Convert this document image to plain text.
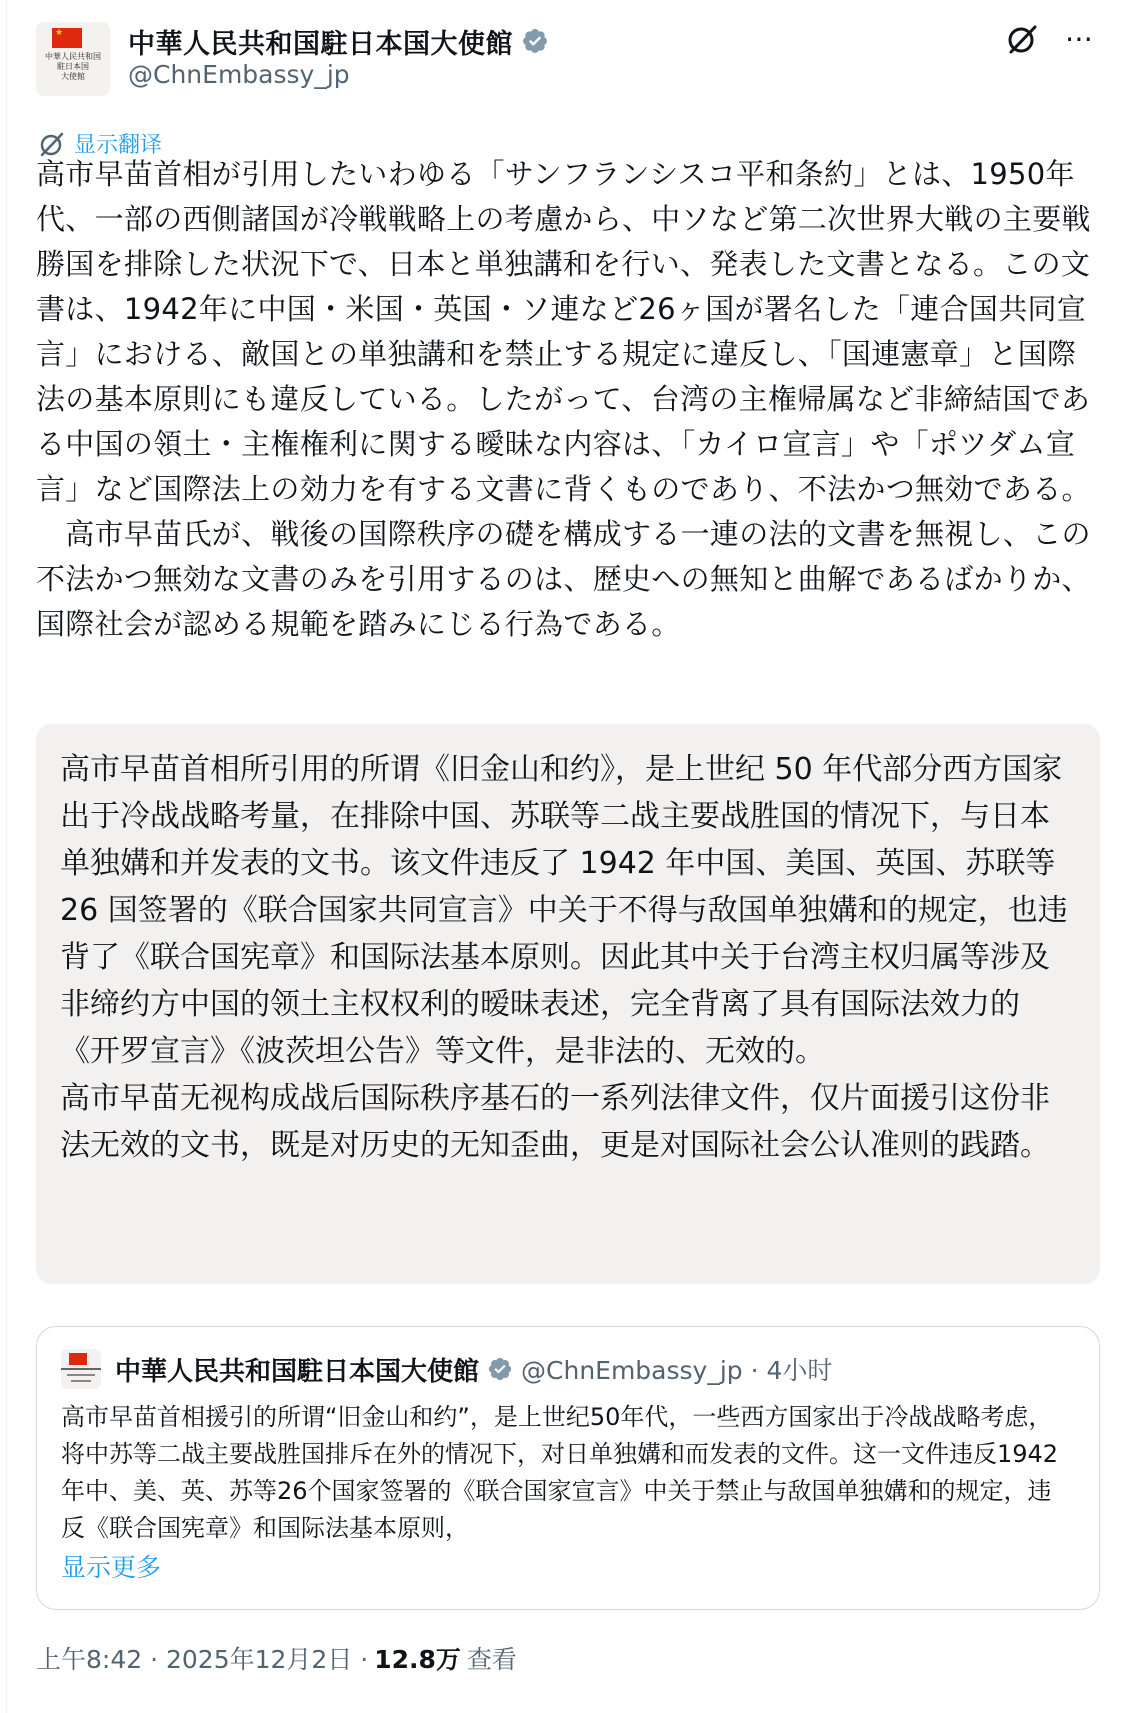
★
中華人民共和国
駐日本国
大使館
中華人民共和国駐日本国大使館
@ChnEmbassy_jp
⋯
显示翻译

高市早苗首相が引用したいわゆる「サンフランシスコ平和条約」とは、1950年代、一部の西側諸国が冷戦戦略上の考慮から、中ソなど第二次世界大戦の主要戦勝国を排除した状況下で、日本と単独講和を行い、発表した文書となる。この文書は、1942年に中国・米国・英国・ソ連など26ヶ国が署名した「連合国共同宣言」における、敵国との単独講和を禁止する規定に違反し、「国連憲章」と国際法の基本原則にも違反している。したがって、台湾の主権帰属など非締結国である中国の領土・主権権利に関する曖昧な内容は、「カイロ宣言」や「ポツダム宣言」など国際法上の効力を有する文書に背くものであり、不法かつ無効である。

　高市早苗氏が、戦後の国際秩序の礎を構成する一連の法的文書を無視し、この不法かつ無効な文書のみを引用するのは、歴史への無知と曲解であるばかりか、国際社会が認める規範を踏みにじる行為である。

高市早苗首相所引用的所谓《旧金山和约》，是上世纪 50 年代部分西方国家出于冷战战略考量，在排除中国、苏联等二战主要战胜国的情况下，与日本单独媾和并发表的文书。该文件违反了 1942 年中国、美国、英国、苏联等 26 国签署的《联合国家共同宣言》中关于不得与敌国单独媾和的规定，也违背了《联合国宪章》和国际法基本原则。因此其中关于台湾主权归属等涉及非缔约方中国的领土主权权利的暧昧表述，完全背离了具有国际法效力的《开罗宣言》《波茨坦公告》等文件，是非法的、无效的。

高市早苗无视构成战后国际秩序基石的一系列法律文件，仅片面援引这份非法无效的文书，既是对历史的无知歪曲，更是对国际社会公认准则的践踏。

中華人民共和国駐日本国大使館 @ChnEmbassy_jp · 4小时
高市早苗首相援引的所谓“旧金山和约”，是上世纪50年代，一些西方国家出于冷战战略考虑，将中苏等二战主要战胜国排斥在外的情况下，对日单独媾和而发表的文件。这一文件违反1942年中、美、英、苏等26个国家签署的《联合国家宣言》中关于禁止与敌国单独媾和的规定，违反《联合国宪章》和国际法基本原则，
显示更多
上午8:42 · 2025年12月2日 · 12.8万 查看
